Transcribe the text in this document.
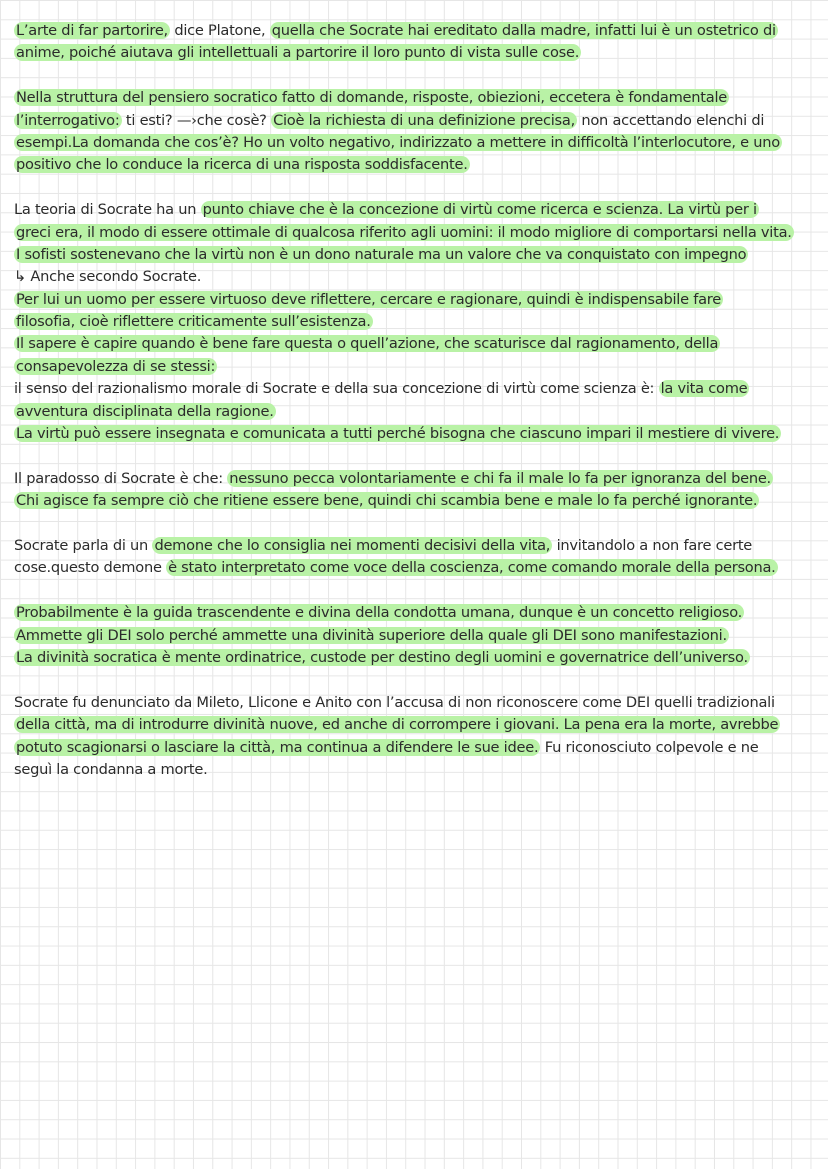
L’arte di far partorire, dice Platone, quella che Socrate hai ereditato dalla madre, infatti lui è un ostetrico di
anime, poiché aiutava gli intellettuali a partorire il loro punto di vista sulle cose.
Nella struttura del pensiero socratico fatto di domande, risposte, obiezioni, eccetera è fondamentale
l’interrogativo: ti esti? —›che cosè? Cioè la richiesta di una definizione precisa, non accettando elenchi di
esempi.La domanda che cos’è? Ho un volto negativo, indirizzato a mettere in difficoltà l’interlocutore, e uno
positivo che lo conduce la ricerca di una risposta soddisfacente.
La teoria di Socrate ha un punto chiave che è la concezione di virtù come ricerca e scienza. La virtù per i
greci era, il modo di essere ottimale di qualcosa riferito agli uomini: il modo migliore di comportarsi nella vita.
I sofisti sostenevano che la virtù non è un dono naturale ma un valore che va conquistato con impegno
↳ Anche secondo Socrate.
Per lui un uomo per essere virtuoso deve riflettere, cercare e ragionare, quindi è indispensabile fare
filosofia, cioè riflettere criticamente sull’esistenza.
Il sapere è capire quando è bene fare questa o quell’azione, che scaturisce dal ragionamento, della
consapevolezza di se stessi:
il senso del razionalismo morale di Socrate e della sua concezione di virtù come scienza è: la vita come
avventura disciplinata della ragione.
La virtù può essere insegnata e comunicata a tutti perché bisogna che ciascuno impari il mestiere di vivere.
Il paradosso di Socrate è che: nessuno pecca volontariamente e chi fa il male lo fa per ignoranza del bene.
Chi agisce fa sempre ciò che ritiene essere bene, quindi chi scambia bene e male lo fa perché ignorante.
Socrate parla di un demone che lo consiglia nei momenti decisivi della vita, invitandolo a non fare certe
cose.questo demone è stato interpretato come voce della coscienza, come comando morale della persona.
Probabilmente è la guida trascendente e divina della condotta umana, dunque è un concetto religioso.
Ammette gli DEI solo perché ammette una divinità superiore della quale gli DEI sono manifestazioni.
La divinità socratica è mente ordinatrice, custode per destino degli uomini e governatrice dell’universo.
Socrate fu denunciato da Mileto, Llicone e Anito con l’accusa di non riconoscere come DEI quelli tradizionali
della città, ma di introdurre divinità nuove, ed anche di corrompere i giovani. La pena era la morte, avrebbe
potuto scagionarsi o lasciare la città, ma continua a difendere le sue idee. Fu riconosciuto colpevole e ne
seguì la condanna a morte.
